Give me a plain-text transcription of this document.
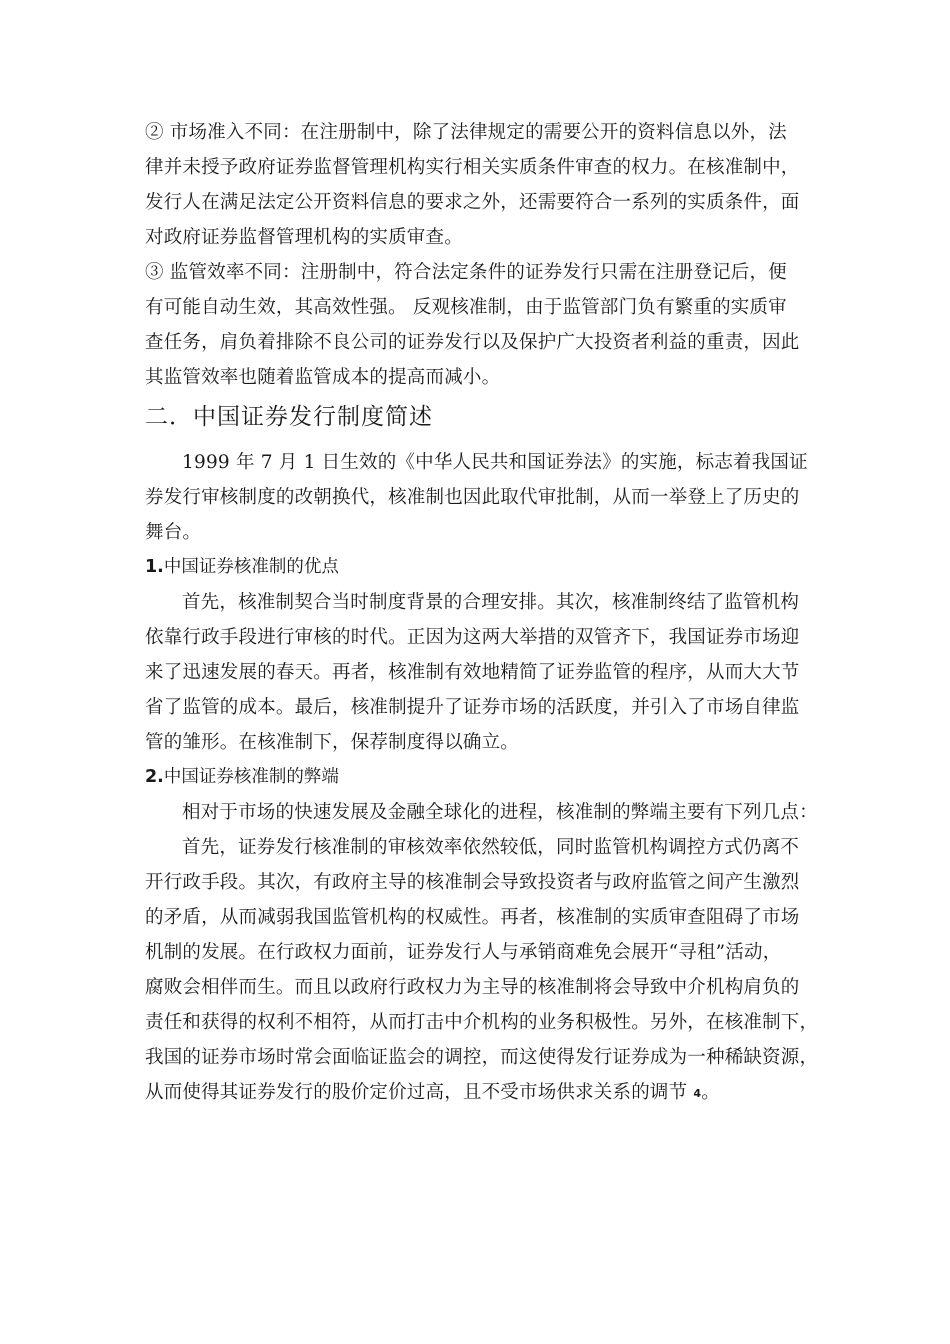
② 市场准入不同：在注册制中，除了法律规定的需要公开的资料信息以外，法
律并未授予政府证券监督管理机构实行相关实质条件审查的权力。在核准制中，
发行人在满足法定公开资料信息的要求之外，还需要符合一系列的实质条件，面
对政府证券监督管理机构的实质审查。
③ 监管效率不同：注册制中，符合法定条件的证券发行只需在注册登记后，便
有可能自动生效，其高效性强。 反观核准制，由于监管部门负有繁重的实质审
查任务，肩负着排除不良公司的证券发行以及保护广大投资者利益的重责，因此
其监管效率也随着监管成本的提高而减小。
二．中国证券发行制度简述
1999 年 7 月 1 日生效的《中华人民共和国证券法》的实施，标志着我国证
券发行审核制度的改朝换代，核准制也因此取代审批制，从而一举登上了历史的
舞台。
1.中国证券核准制的优点
首先，核准制契合当时制度背景的合理安排。其次，核准制终结了监管机构
依靠行政手段进行审核的时代。正因为这两大举措的双管齐下，我国证券市场迎
来了迅速发展的春天。再者，核准制有效地精简了证券监管的程序，从而大大节
省了监管的成本。最后，核准制提升了证券市场的活跃度，并引入了市场自律监
管的雏形。在核准制下，保荐制度得以确立。
2.中国证券核准制的弊端
相对于市场的快速发展及金融全球化的进程，核准制的弊端主要有下列几点：
首先，证券发行核准制的审核效率依然较低，同时监管机构调控方式仍离不
开行政手段。其次，有政府主导的核准制会导致投资者与政府监管之间产生激烈
的矛盾，从而减弱我国监管机构的权威性。再者，核准制的实质审查阻碍了市场
机制的发展。在行政权力面前，证券发行人与承销商难免会展开“寻租”活动，
腐败会相伴而生。而且以政府行政权力为主导的核准制将会导致中介机构肩负的
责任和获得的权利不相符，从而打击中介机构的业务积极性。另外，在核准制下，
我国的证券市场时常会面临证监会的调控，而这使得发行证券成为一种稀缺资源，
从而使得其证券发行的股价定价过高，且不受市场供求关系的调节 $^4$。
